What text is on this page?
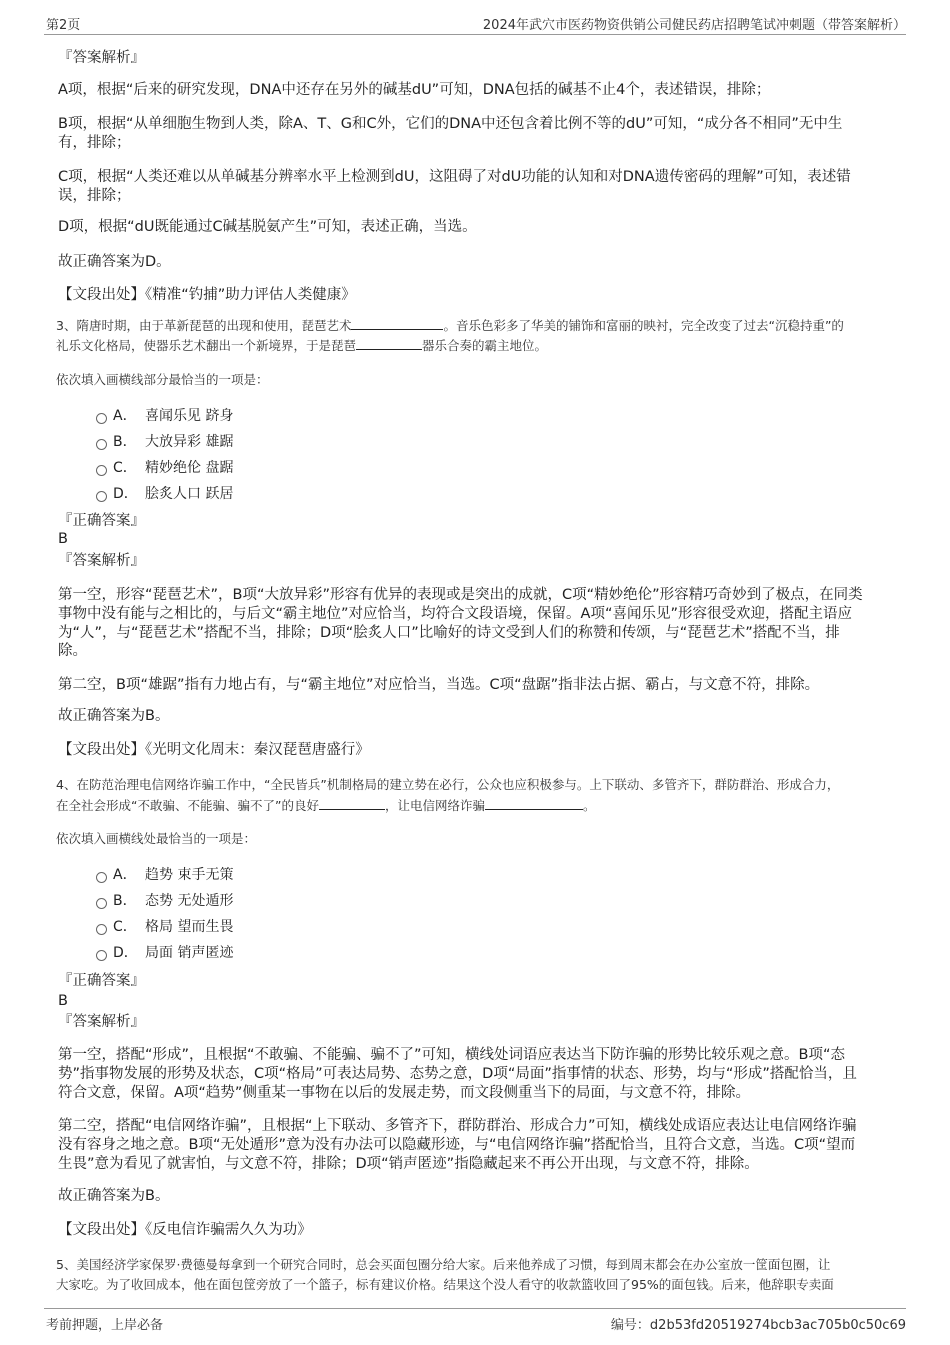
第2页	2024年武穴市医药物资供销公司健民药店招聘笔试冲刺题（带答案解析）
『答案解析』
A项，根据“后来的研究发现，DNA中还存在另外的碱基dU”可知，DNA包括的碱基不止4个，表述错误，排除；
B项，根据“从单细胞生物到人类，除A、T、G和C外，它们的DNA中还包含着比例不等的dU”可知，“成分各不相同”无中生
有，排除；
C项，根据“人类还难以从单碱基分辨率水平上检测到dU，这阻碍了对dU功能的认知和对DNA遗传密码的理解”可知，表述错
误，排除；
D项，根据“dU既能通过C碱基脱氨产生”可知，表述正确，当选。
故正确答案为D。
【文段出处】《精准“钓捕”助力评估人类健康》
3、隋唐时期，由于革新琵琶的出现和使用，琵琶艺术	。音乐色彩多了华美的铺饰和富丽的映衬，完全改变了过去“沉稳持重”的
礼乐文化格局，使器乐艺术翻出一个新境界，于是琵琶	器乐合奏的霸主地位。
依次填入画横线部分最恰当的一项是：
A． 喜闻乐见 跻身
B． 大放异彩 雄踞
C． 精妙绝伦 盘踞
D． 脍炙人口 跃居
『正确答案』
B
『答案解析』
第一空，形容“琵琶艺术”，B项“大放异彩”形容有优异的表现或是突出的成就，C项“精妙绝伦”形容精巧奇妙到了极点，在同类
事物中没有能与之相比的，与后文“霸主地位”对应恰当，均符合文段语境，保留。A项“喜闻乐见”形容很受欢迎，搭配主语应
为“人”，与“琵琶艺术”搭配不当，排除；D项“脍炙人口”比喻好的诗文受到人们的称赞和传颂，与“琵琶艺术”搭配不当，排
除。
第二空，B项“雄踞”指有力地占有，与“霸主地位”对应恰当，当选。C项“盘踞”指非法占据、霸占，与文意不符，排除。
故正确答案为B。
【文段出处】《光明文化周末：秦汉琵琶唐盛行》
4、在防范治理电信网络诈骗工作中，“全民皆兵”机制格局的建立势在必行，公众也应积极参与。上下联动、多管齐下，群防群治、形成合力，
在全社会形成“不敢骗、不能骗、骗不了”的良好	，让电信网络诈骗	。
依次填入画横线处最恰当的一项是：
A． 趋势 束手无策
B． 态势 无处遁形
C． 格局 望而生畏
D． 局面 销声匿迹
『正确答案』
B
『答案解析』
第一空，搭配“形成”，且根据“不敢骗、不能骗、骗不了”可知，横线处词语应表达当下防诈骗的形势比较乐观之意。B项“态
势”指事物发展的形势及状态，C项“格局”可表达局势、态势之意，D项“局面”指事情的状态、形势，均与“形成”搭配恰当，且
符合文意，保留。A项“趋势”侧重某一事物在以后的发展走势，而文段侧重当下的局面，与文意不符，排除。
第二空，搭配“电信网络诈骗”，且根据“上下联动、多管齐下，群防群治、形成合力”可知，横线处成语应表达让电信网络诈骗
没有容身之地之意。B项“无处遁形”意为没有办法可以隐藏形迹，与“电信网络诈骗”搭配恰当，且符合文意，当选。C项“望而
生畏”意为看见了就害怕，与文意不符，排除；D项“销声匿迹”指隐藏起来不再公开出现，与文意不符，排除。
故正确答案为B。
【文段出处】《反电信诈骗需久久为功》
5、美国经济学家保罗·费德曼每拿到一个研究合同时，总会买面包圈分给大家。后来他养成了习惯，每到周末都会在办公室放一筐面包圈，让
大家吃。为了收回成本，他在面包筐旁放了一个篮子，标有建议价格。结果这个没人看守的收款篮收回了95%的面包钱。后来，他辞职专卖面
考前押题，上岸必备	编号：d2b53fd20519274bcb3ac705b0c50c69
